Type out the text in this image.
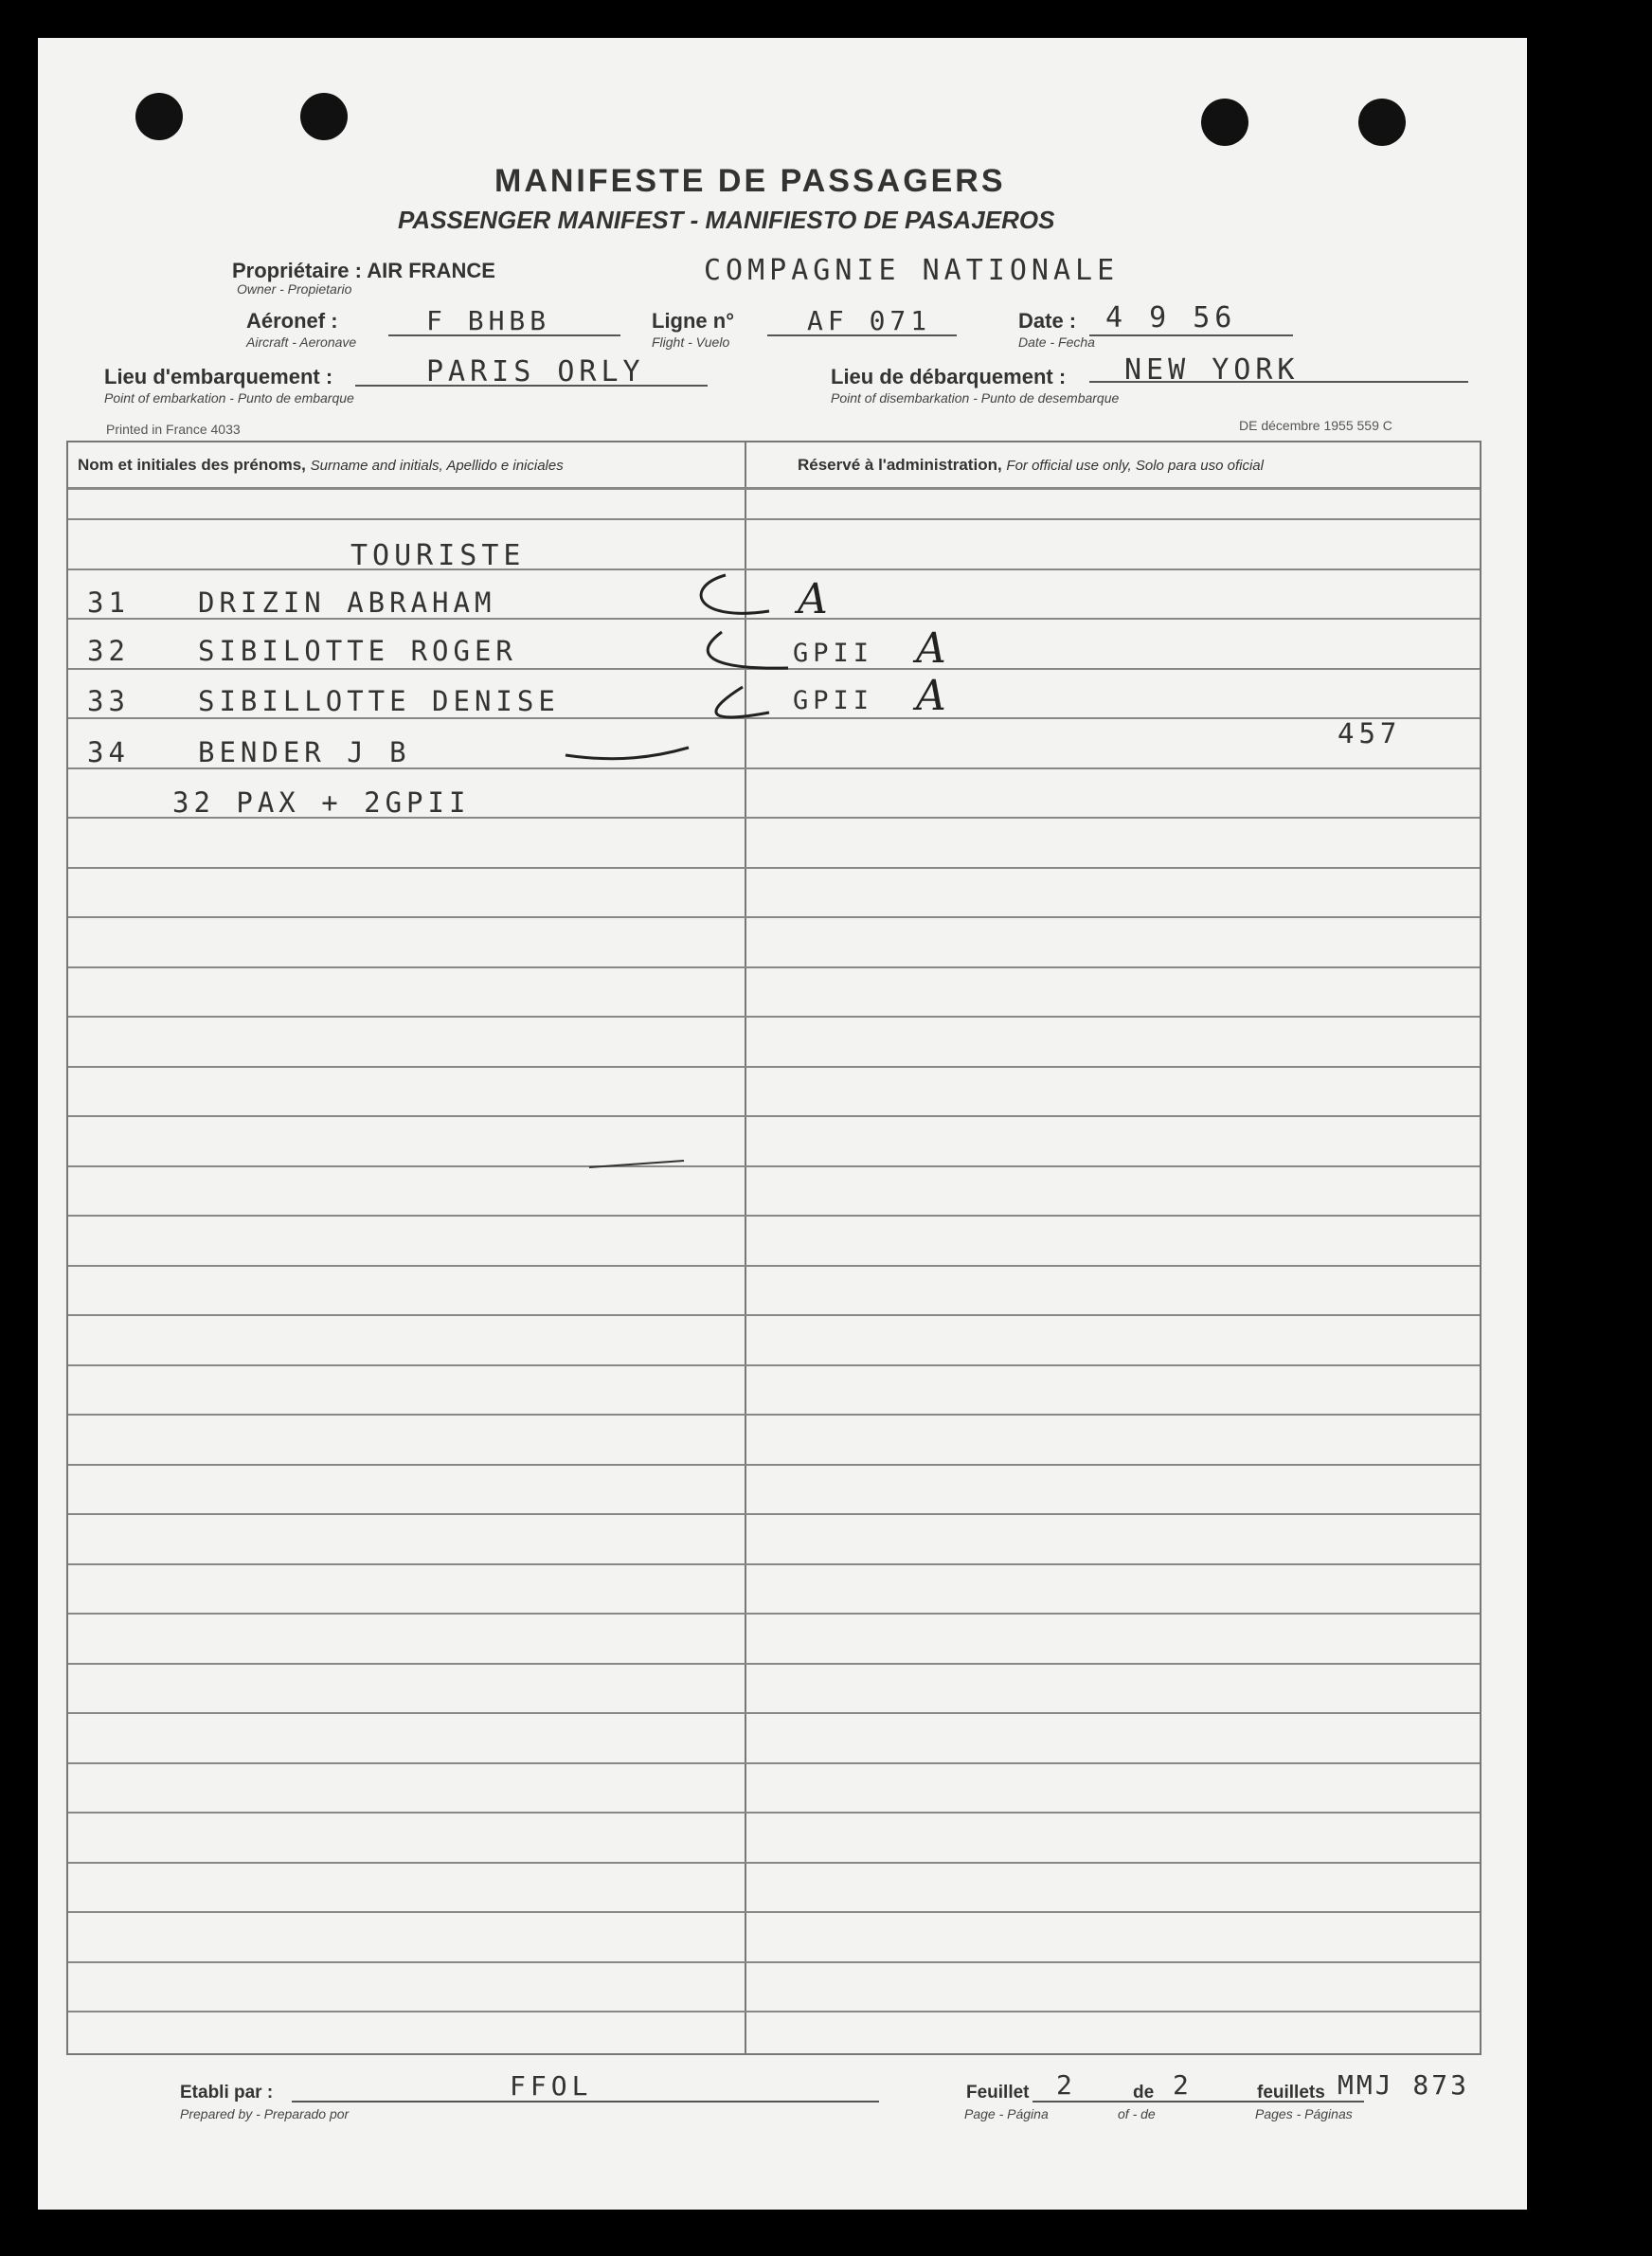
MANIFESTE DE PASSAGERS
PASSENGER MANIFEST - MANIFIESTO DE PASAJEROS
Propriétaire : AIR FRANCE
Owner - Propietario
COMPAGNIE NATIONALE
Aéronef :
Aircraft - Aeronave
F BHBB	Ligne n°
Flight - Vuelo
AF 071	Date :
Date - Fecha
4 9 56
Lieu d'embarquement :
Point of embarkation - Punto de embarque
PARIS ORLY	Lieu de débarquement :
Point of disembarkation - Punto de desembarque
NEW YORK
Printed in France 4033	DE décembre 1955 559 C
Nom et initiales des prénoms, Surname and initials, Apellido e iniciales	Réservé à l'administration, For official use only, Solo para uso oficial
TOURISTE
31 DRIZIN ABRAHAM	A
32 SIBILOTTE ROGER	GPII A
33 SIBILLOTTE DENISE	GPII A
34 BENDER J B
457
32 PAX + 2GPII
Etabli par :
Prepared by - Preparado por
FFOL	Feuillet 2	de 2	feuillets MMJ 873
Page - Página	of - de	Pages - Páginas
